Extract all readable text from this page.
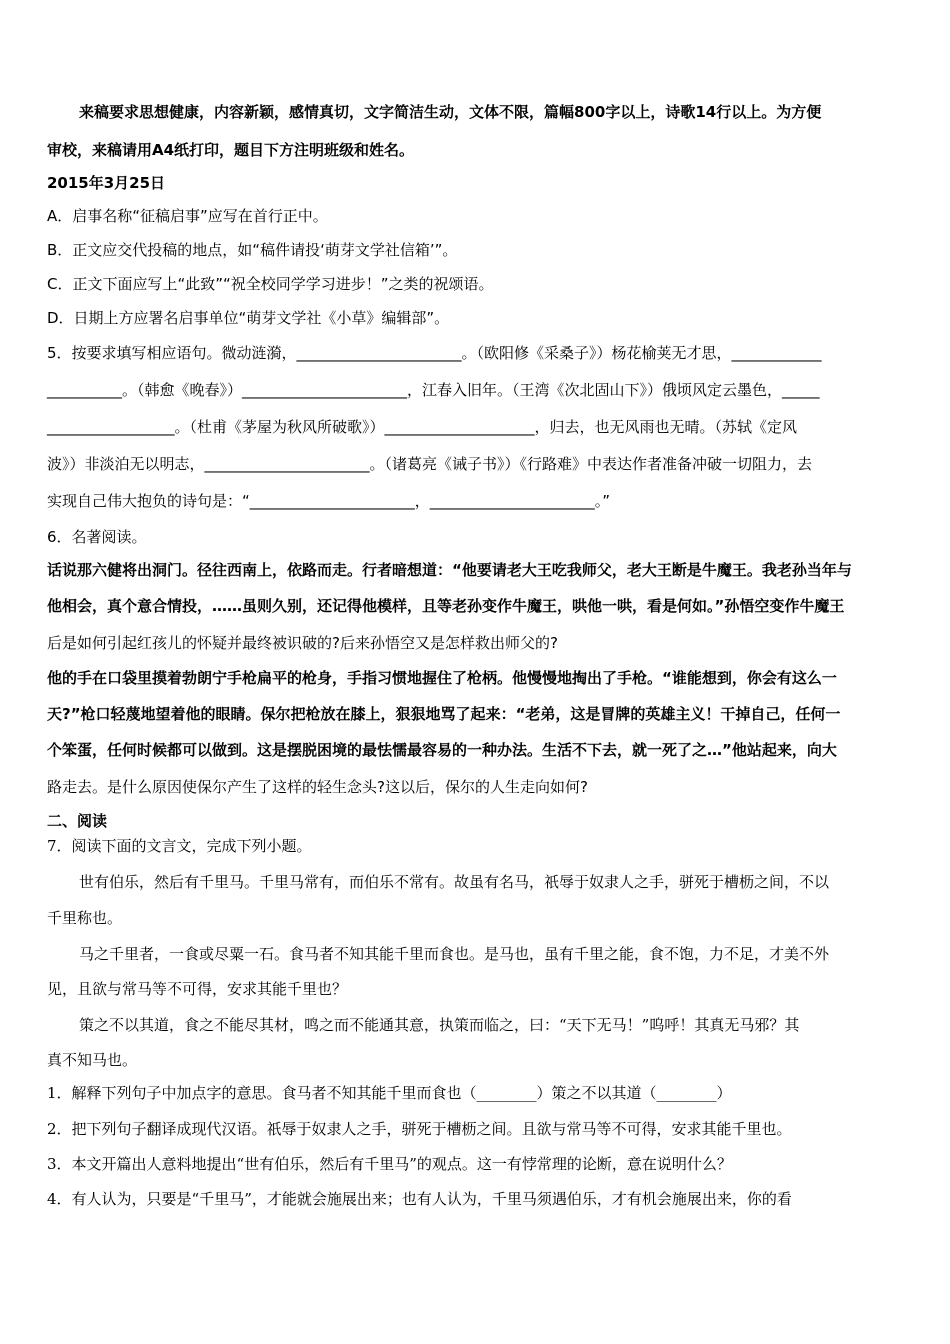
来稿要求思想健康，内容新颖，感情真切，文字简洁生动，文体不限，篇幅800字以上，诗歌14行以上。为方便
审校，来稿请用A4纸打印，题目下方注明班级和姓名。
2015年3月25日
A．启事名称“征稿启事”应写在首行正中。
B．正文应交代投稿的地点，如“稿件请投‘萌芽文学社信箱’”。
C．正文下面应写上“此致”“祝全校同学学习进步！”之类的祝颂语。
D．日期上方应署名启事单位“萌芽文学社《小草》编辑部”。
5．按要求填写相应语句。微动涟漪，______________________。（欧阳修《采桑子》）杨花榆荚无才思，____________
__________。（韩愈《晚春》）______________________，江春入旧年。（王湾《次北固山下》）俄顷风定云墨色，_____
_________________。（杜甫《茅屋为秋风所破歌》）____________________，归去，也无风雨也无晴。（苏轼《定风
波》）非淡泊无以明志，______________________。（诸葛亮《诫子书》）《行路难》中表达作者准备冲破一切阻力，去
实现自己伟大抱负的诗句是：“______________________，______________________。”
6．名著阅读。
话说那六健将出洞门。径往西南上，依路而走。行者暗想道：“他要请老大王吃我师父，老大王断是牛魔王。我老孙当年与
他相会，真个意合情投，……虽则久别，还记得他模样，且等老孙变作牛魔王，哄他一哄，看是何如。”孙悟空变作牛魔王
后是如何引起红孩儿的怀疑并最终被识破的?后来孙悟空又是怎样救出师父的?
他的手在口袋里摸着勃朗宁手枪扁平的枪身，手指习惯地握住了枪柄。他慢慢地掏出了手枪。“谁能想到，你会有这么一
天?”枪口轻蔑地望着他的眼睛。保尔把枪放在膝上，狠狠地骂了起来：“老弟，这是冒牌的英雄主义！干掉自己，任何一
个笨蛋，任何时候都可以做到。这是摆脱困境的最怯懦最容易的一种办法。生活不下去，就一死了之…”他站起来，向大
路走去。是什么原因使保尔产生了这样的轻生念头?这以后，保尔的人生走向如何?
二、阅读
7．阅读下面的文言文，完成下列小题。
世有伯乐，然后有千里马。千里马常有，而伯乐不常有。故虽有名马，祇辱于奴隶人之手，骈死于槽枥之间，不以
千里称也。
马之千里者，一食或尽粟一石。食马者不知其能千里而食也。是马也，虽有千里之能，食不饱，力不足，才美不外
见，且欲与常马等不可得，安求其能千里也？
策之不以其道，食之不能尽其材，鸣之而不能通其意，执策而临之，曰：“天下无马！”呜呼！其真无马邪？其
真不知马也。
1．解释下列句子中加点字的意思。食马者不知其能千里而食也（________）策之不以其道（________）
2．把下列句子翻译成现代汉语。祇辱于奴隶人之手，骈死于槽枥之间。且欲与常马等不可得，安求其能千里也。
3．本文开篇出人意料地提出“世有伯乐，然后有千里马”的观点。这一有悖常理的论断，意在说明什么？
4．有人认为，只要是“千里马”，才能就会施展出来；也有人认为，千里马须遇伯乐，才有机会施展出来，你的看
